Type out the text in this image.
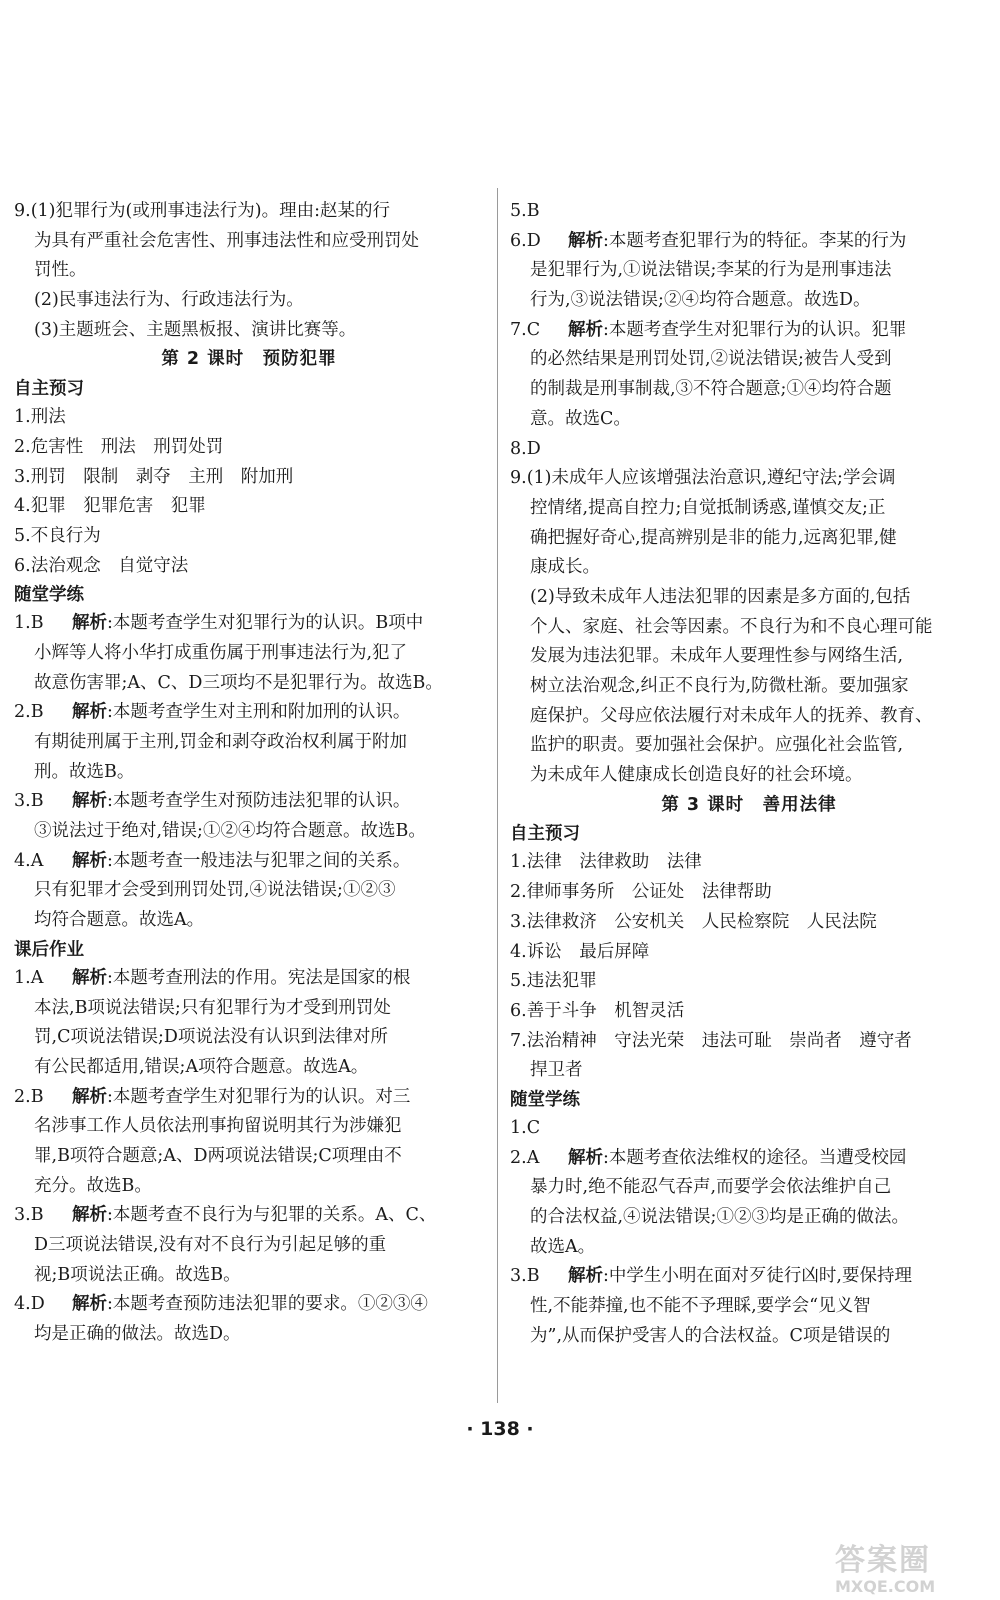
9.(1)犯罪行为(或刑事违法行为)。理由:赵某的行
为具有严重社会危害性、刑事违法性和应受刑罚处
罚性。
(2)民事违法行为、行政违法行为。
(3)主题班会、主题黑板报、演讲比赛等。
第 2 课时　预防犯罪
自主预习
1.刑法
2.危害性　刑法　刑罚处罚
3.刑罚　限制　剥夺　主刑　附加刑
4.犯罪　犯罪危害　犯罪
5.不良行为
6.法治观念　自觉守法
随堂学练
1.B 解析:本题考查学生对犯罪行为的认识。B项中
小辉等人将小华打成重伤属于刑事违法行为,犯了
故意伤害罪;A、C、D三项均不是犯罪行为。故选B。
2.B 解析:本题考查学生对主刑和附加刑的认识。
有期徒刑属于主刑,罚金和剥夺政治权利属于附加
刑。故选B。
3.B 解析:本题考查学生对预防违法犯罪的认识。
③说法过于绝对,错误;①②④均符合题意。故选B。
4.A 解析:本题考查一般违法与犯罪之间的关系。
只有犯罪才会受到刑罚处罚,④说法错误;①②③
均符合题意。故选A。
课后作业
1.A 解析:本题考查刑法的作用。宪法是国家的根
本法,B项说法错误;只有犯罪行为才受到刑罚处
罚,C项说法错误;D项说法没有认识到法律对所
有公民都适用,错误;A项符合题意。故选A。
2.B 解析:本题考查学生对犯罪行为的认识。对三
名涉事工作人员依法刑事拘留说明其行为涉嫌犯
罪,B项符合题意;A、D两项说法错误;C项理由不
充分。故选B。
3.B 解析:本题考查不良行为与犯罪的关系。A、C、
D三项说法错误,没有对不良行为引起足够的重
视;B项说法正确。故选B。
4.D 解析:本题考查预防违法犯罪的要求。①②③④
均是正确的做法。故选D。
5.B
6.D 解析:本题考查犯罪行为的特征。李某的行为
是犯罪行为,①说法错误;李某的行为是刑事违法
行为,③说法错误;②④均符合题意。故选D。
7.C 解析:本题考查学生对犯罪行为的认识。犯罪
的必然结果是刑罚处罚,②说法错误;被告人受到
的制裁是刑事制裁,③不符合题意;①④均符合题
意。故选C。
8.D
9.(1)未成年人应该增强法治意识,遵纪守法;学会调
控情绪,提高自控力;自觉抵制诱惑,谨慎交友;正
确把握好奇心,提高辨别是非的能力,远离犯罪,健
康成长。
(2)导致未成年人违法犯罪的因素是多方面的,包括
个人、家庭、社会等因素。不良行为和不良心理可能
发展为违法犯罪。未成年人要理性参与网络生活,
树立法治观念,纠正不良行为,防微杜渐。要加强家
庭保护。父母应依法履行对未成年人的抚养、教育、
监护的职责。要加强社会保护。应强化社会监管,
为未成年人健康成长创造良好的社会环境。
第 3 课时　善用法律
自主预习
1.法律　法律救助　法律
2.律师事务所　公证处　法律帮助
3.法律救济　公安机关　人民检察院　人民法院
4.诉讼　最后屏障
5.违法犯罪
6.善于斗争　机智灵活
7.法治精神　守法光荣　违法可耻　崇尚者　遵守者
捍卫者
随堂学练
1.C
2.A 解析:本题考查依法维权的途径。当遭受校园
暴力时,绝不能忍气吞声,而要学会依法维护自己
的合法权益,④说法错误;①②③均是正确的做法。
故选A。
3.B 解析:中学生小明在面对歹徒行凶时,要保持理
性,不能莽撞,也不能不予理睬,要学会“见义智
为”,从而保护受害人的合法权益。C项是错误的
· 138 ·
答案圈
MXQE.COM
